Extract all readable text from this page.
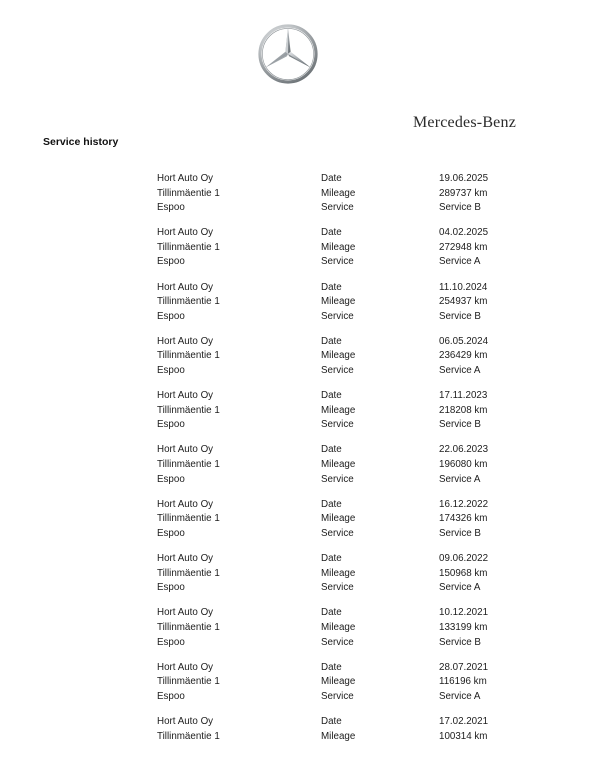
Mercedes-Benz
Service history
Hort Auto Oy	Date	19.06.2025
Tillinmäentie 1	Mileage	289737 km
Espoo	Service	Service B
Hort Auto Oy	Date	04.02.2025
Tillinmäentie 1	Mileage	272948 km
Espoo	Service	Service A
Hort Auto Oy	Date	11.10.2024
Tillinmäentie 1	Mileage	254937 km
Espoo	Service	Service B
Hort Auto Oy	Date	06.05.2024
Tillinmäentie 1	Mileage	236429 km
Espoo	Service	Service A
Hort Auto Oy	Date	17.11.2023
Tillinmäentie 1	Mileage	218208 km
Espoo	Service	Service B
Hort Auto Oy	Date	22.06.2023
Tillinmäentie 1	Mileage	196080 km
Espoo	Service	Service A
Hort Auto Oy	Date	16.12.2022
Tillinmäentie 1	Mileage	174326 km
Espoo	Service	Service B
Hort Auto Oy	Date	09.06.2022
Tillinmäentie 1	Mileage	150968 km
Espoo	Service	Service A
Hort Auto Oy	Date	10.12.2021
Tillinmäentie 1	Mileage	133199 km
Espoo	Service	Service B
Hort Auto Oy	Date	28.07.2021
Tillinmäentie 1	Mileage	116196 km
Espoo	Service	Service A
Hort Auto Oy	Date	17.02.2021
Tillinmäentie 1	Mileage	100314 km
